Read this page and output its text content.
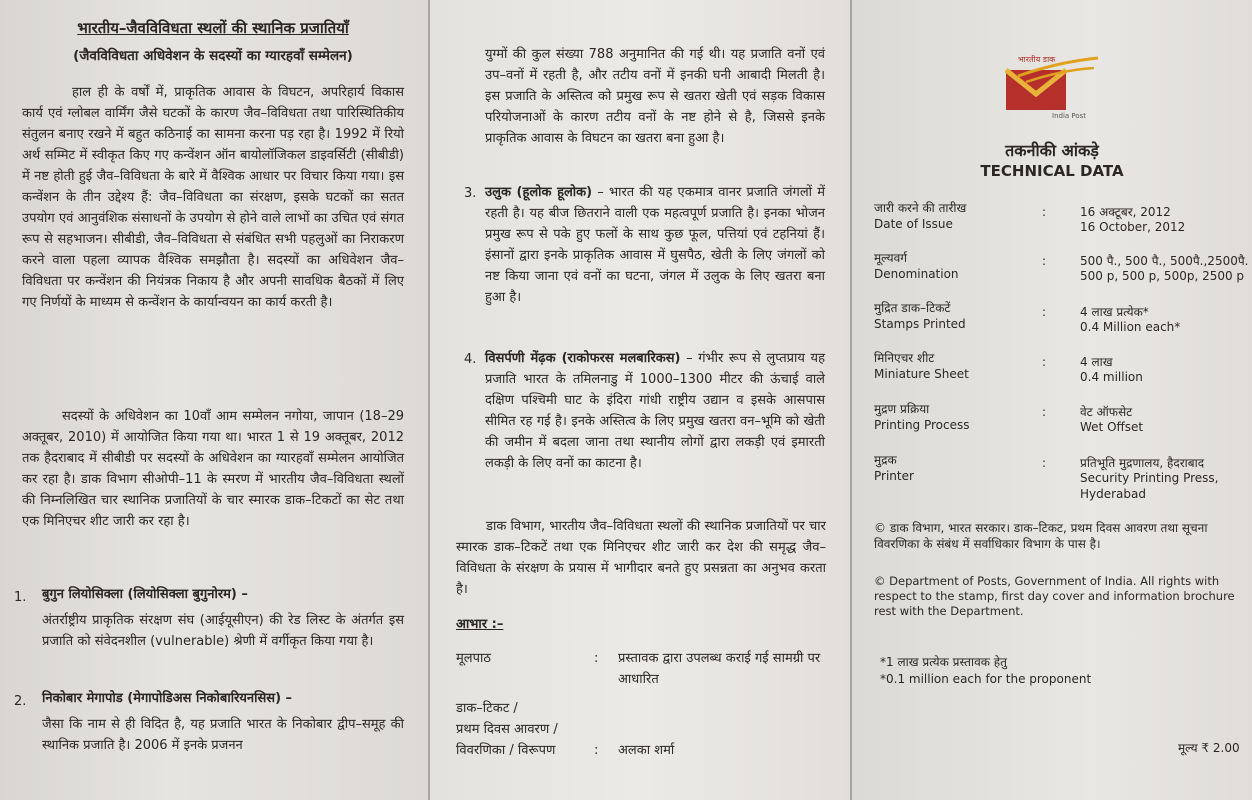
भारतीय–जैवविविधता स्थलों की स्थानिक प्रजातियाँ
(जैवविविधता अधिवेशन के सदस्यों का ग्यारहवाँ सम्मेलन)
हाल ही के वर्षों में, प्राकृतिक आवास के विघटन, अपरिहार्य विकास कार्य एवं ग्लोबल वार्मिंग जैसे घटकों के कारण जैव–विविधता तथा पारिस्थितिकीय संतुलन बनाए रखने में बहुत कठिनाई का सामना करना पड़ रहा है। 1992 में रियो अर्थ सम्मिट में स्वीकृत किए गए कन्वेंशन ऑन बायोलॉजिकल डाइवर्सिटी (सीबीडी) में नष्ट होती हुई जैव–विविधता के बारे में वैश्विक आधार पर विचार किया गया। इस कन्वेंशन के तीन उद्देश्य हैं: जैव–विविधता का संरक्षण, इसके घटकों का सतत उपयोग एवं आनुवंशिक संसाधनों के उपयोग से होने वाले लाभों का उचित एवं संगत रूप से सहभाजन। सीबीडी, जैव–विविधता से संबंधित सभी पहलुओं का निराकरण करने वाला पहला व्यापक वैश्विक समझौता है। सदस्यों का अधिवेशन जैव–विविधता पर कन्वेंशन की नियंत्रक निकाय है और अपनी सावधिक बैठकों में लिए गए निर्णयों के माध्यम से कन्वेंशन के कार्यान्वयन का कार्य करती है।
सदस्यों के अधिवेशन का 10वाँ आम सम्मेलन नगोया, जापान (18–29 अक्तूबर, 2010) में आयोजित किया गया था। भारत 1 से 19 अक्तूबर, 2012 तक हैदराबाद में सीबीडी पर सदस्यों के अधिवेशन का ग्यारहवाँ सम्मेलन आयोजित कर रहा है। डाक विभाग सीओपी–11 के स्मरण में भारतीय जैव–विविधता स्थलों की निम्नलिखित चार स्थानिक प्रजातियों के चार स्मारक डाक–टिकटों का सेट तथा एक मिनिएचर शीट जारी कर रहा है।
1. बुगुन लियोसिक्ला (लियोसिक्ला बुगुनोरम) –
अंतर्राष्ट्रीय प्राकृतिक संरक्षण संघ (आईयूसीएन) की रेड लिस्ट के अंतर्गत इस प्रजाति को संवेदनशील (vulnerable) श्रेणी में वर्गीकृत किया गया है।
2. निकोबार मेगापोड (मेगापोडिअस निकोबारियनसिस) –
जैसा कि नाम से ही विदित है, यह प्रजाति भारत के निकोबार द्वीप–समूह की स्थानिक प्रजाति है। 2006 में इनके प्रजनन
युग्मों की कुल संख्या 788 अनुमानित की गई थी। यह प्रजाति वनों एवं उप–वनों में रहती है, और तटीय वनों में इनकी घनी आबादी मिलती है। इस प्रजाति के अस्तित्व को प्रमुख रूप से खतरा खेती एवं सड़क विकास परियोजनाओं के कारण तटीय वनों के नष्ट होने से है, जिससे इनके प्राकृतिक आवास के विघटन का खतरा बना हुआ है।
3. उलुक (हूलोक हूलोक) – भारत की यह एकमात्र वानर प्रजाति जंगलों में रहती है। यह बीज छितराने वाली एक महत्वपूर्ण प्रजाति है। इनका भोजन प्रमुख रूप से पके हुए फलों के साथ कुछ फूल, पत्तियां एवं टहनियां हैं। इंसानों द्वारा इनके प्राकृतिक आवास में घुसपैठ, खेती के लिए जंगलों को नष्ट किया जाना एवं वनों का घटना, जंगल में उलुक के लिए खतरा बना हुआ है।
4. विसर्पणी मेंढ़क (राकोफरस मलबारिकस) – गंभीर रूप से लुप्तप्राय यह प्रजाति भारत के तमिलनाडु में 1000–1300 मीटर की ऊंचाई वाले दक्षिण पश्चिमी घाट के इंदिरा गांधी राष्ट्रीय उद्यान व इसके आसपास सीमित रह गई है। इनके अस्तित्व के लिए प्रमुख खतरा वन–भूमि को खेती की जमीन में बदला जाना तथा स्थानीय लोगों द्वारा लकड़ी एवं इमारती लकड़ी के लिए वनों का काटना है।
डाक विभाग, भारतीय जैव–विविधता स्थलों की स्थानिक प्रजातियों पर चार स्मारक डाक–टिकटें तथा एक मिनिएचर शीट जारी कर देश की समृद्ध जैव–विविधता के संरक्षण के प्रयास में भागीदार बनते हुए प्रसन्नता का अनुभव करता है।
आभार :–
मूलपाठ	: प्रस्तावक द्वारा उपलब्ध कराई गई सामग्री पर आधारित
डाक–टिकट /
प्रथम दिवस आवरण /
विवरणिका / विरूपण	: अलका शर्मा
भारतीय डाक
India Post
तकनीकी आंकड़े
TECHNICAL DATA
जारी करने की तारीख
Date of Issue
:	16 अक्टूबर, 2012
16 October, 2012
मूल्यवर्ग
Denomination
:	500 पै., 500 पै., 500पै.,2500पै.
500 p, 500 p, 500p, 2500 p
मुद्रित डाक–टिकटें
Stamps Printed
:	4 लाख प्रत्येक*
0.4 Million each*
मिनिएचर शीट
Miniature Sheet
:	4 लाख
0.4 million
मुद्रण प्रक्रिया
Printing Process
:	वेट ऑफसेट
Wet Offset
मुद्रक
Printer
:	प्रतिभूति मुद्रणालय, हैदराबाद
Security Printing Press, Hyderabad
© डाक विभाग, भारत सरकार। डाक–टिकट, प्रथम दिवस आवरण तथा सूचना विवरणिका के संबंध में सर्वाधिकार विभाग के पास है।
© Department of Posts, Government of India. All rights with respect to the stamp, first day cover and information brochure rest with the Department.
*1 लाख प्रत्येक प्रस्तावक हेतु
*0.1 million each for the proponent
मूल्य ₹ 2.00
